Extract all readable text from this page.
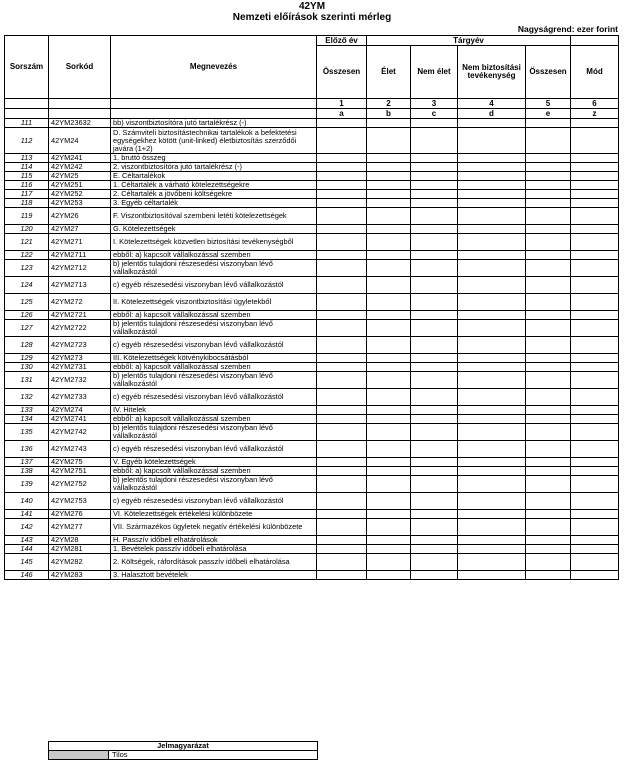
42YM
Nemzeti előírások szerinti mérleg
Nagyságrend: ezer forint
Sorszám	Sorkód	Megnevezés	Előző év	Tárgyév				
			Összesen	Élet	Nem élet	Nem biztosítási tevékenység	Összesen	Mód
			1	2	3	4	5	6
			a	b	c	d	e	z
111	42YM23632	bb) viszontbiztosítóra jutó tartalékrész (-)						
112	42YM24	D. Számviteli biztosítástechnikai tartalékok a befektetési egységekhez kötött (unit-linked) életbiztosítás szerződői javára (1+2)						
113	42YM241	1. bruttó összeg						
114	42YM242	2. viszontbiztosítóra jutó tartalékrész (-)						
115	42YM25	E. Céltartalékok						
116	42YM251	1. Céltartalék a várható kötelezettségekre						
117	42YM252	2. Céltartalék a jövőbeni költségekre						
118	42YM253	3. Egyéb céltartalék						
119	42YM26	F. Viszontbiztosítóval szembeni letéti kötelezettségek						
120	42YM27	G. Kötelezettségek						
121	42YM271	I. Kötelezettségek közvetlen biztosítási tevékenységből						
122	42YM2711	ebből: a) kapcsolt vállalkozással szemben						
123	42YM2712	b) jelentős tulajdoni részesedési viszonyban lévő vállalkozástól						
124	42YM2713	c) egyéb részesedési viszonyban lévő vállalkozástól						
125	42YM272	II. Kötelezettségek viszontbiztosítási ügyletekből						
126	42YM2721	ebből: a) kapcsolt vállalkozással szemben						
127	42YM2722	b) jelentős tulajdoni részesedési viszonyban lévő vállalkozástól						
128	42YM2723	c) egyéb részesedési viszonyban lévő vállalkozástól						
129	42YM273	III. Kötelezettségek kötvénykibocsátásból						
130	42YM2731	ebből: a) kapcsolt vállalkozással szemben						
131	42YM2732	b) jelentős tulajdoni részesedési viszonyban lévő vállalkozástól						
132	42YM2733	c) egyéb részesedési viszonyban lévő vállalkozástól						
133	42YM274	IV. Hitelek						
134	42YM2741	ebből: a) kapcsolt vállalkozással szemben						
135	42YM2742	b) jelentős tulajdoni részesedési viszonyban lévő vállalkozástól						
136	42YM2743	c) egyéb részesedési viszonyban lévő vállalkozástól						
137	42YM275	V. Egyéb kötelezettségek						
138	42YM2751	ebből: a) kapcsolt vállalkozással szemben						
139	42YM2752	b) jelentős tulajdoni részesedési viszonyban lévő vállalkozástól						
140	42YM2753	c) egyéb részesedési viszonyban lévő vállalkozástól						
141	42YM276	VI. Kötelezettségek értékelési különbözete						
142	42YM277	VII. Származékos ügyletek negatív értékelési különbözete						
143	42YM28	H. Passzív időbeli elhatárolások						
144	42YM281	1. Bevételek passzív időbeli elhatárolása						
145	42YM282	2. Költségek, ráfordítások passzív időbeli elhatárolása						
146	42YM283	3. Halasztott bevételek						
Jelmagyarázat
	Tilos
